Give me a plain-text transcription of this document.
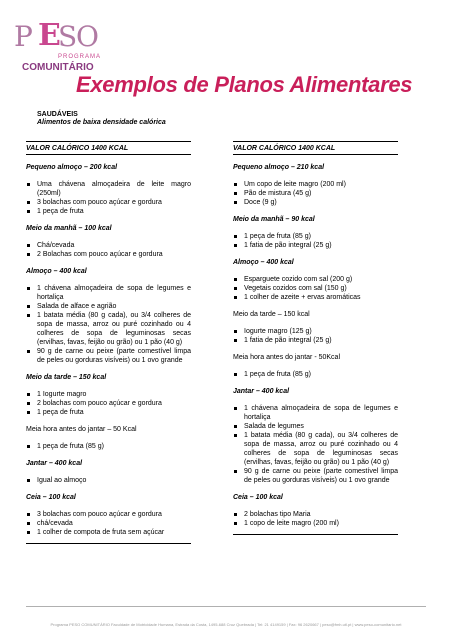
P E
S
O
PROGRAMA
COMUNITÁRIO
Exemplos de Planos Alimentares
SAUDÁVEIS
Alimentos de baixa densidade calórica
VALOR CALÓRICO 1400 KCAL
Pequeno almoço – 200 kcal
Uma chávena almoçadeira de leite magro (250ml)
3 bolachas com pouco açúcar e gordura
1 peça de fruta
Meio da manhã – 100 kcal
Chá/cevada
2 Bolachas com pouco açúcar e gordura
Almoço – 400 kcal
1 chávena almoçadeira de sopa de legumes e hortaliça
Salada de alface e agrião
1 batata média (80 g cada), ou 3/4 colheres de sopa de massa, arroz ou puré cozinhado ou 4 colheres de sopa de leguminosas secas (ervilhas, favas, feijão ou grão) ou 1 pão (40 g)
90 g de carne ou peixe (parte comestível limpa de peles ou gorduras visíveis) ou 1 ovo grande
Meio da tarde – 150 kcal
1 Iogurte magro
2 bolachas com pouco açúcar e gordura
1 peça de fruta
Meia hora antes do jantar – 50 Kcal
1 peça de fruta (85 g)
Jantar – 400 kcal
Igual ao almoço
Ceia – 100 kcal
3 bolachas com pouco açúcar e gordura
chá/cevada
1 colher de compota de fruta sem açúcar
VALOR CALÓRICO 1400 KCAL
Pequeno almoço – 210 kcal
Um copo de leite magro (200 ml)
Pão de mistura (45 g)
Doce (9 g)
Meio da manhã – 90 kcal
1 peça de fruta (85 g)
1 fatia de pão integral (25 g)
Almoço – 400 kcal
Esparguete cozido com sal (200 g)
Vegetais cozidos com sal (150 g)
1 colher de azeite + ervas aromáticas
Meio da tarde – 150 kcal
Iogurte magro (125 g)
1 fatia de pão integral (25 g)
Meia hora antes do jantar - 50Kcal
1 peça de fruta (85 g)
Jantar – 400 kcal
1 chávena almoçadeira de sopa de legumes e hortaliça
Salada de legumes
1 batata média (80 g cada), ou 3/4 colheres de sopa de massa, arroz ou puré cozinhado ou 4 colheres de sopa de leguminosas secas (ervilhas, favas, feijão ou grão) ou 1 pão (40 g)
90 g de carne ou peixe (parte comestível limpa de peles ou gorduras visíveis) ou 1 ovo grande
Ceia – 100 kcal
2 bolachas tipo Maria
1 copo de leite magro (200 ml)
Programa PESO COMUNITÁRIO Faculdade de Motricidade Humana, Estrada da Costa, 1495-688 Cruz Quebrada | Tel: 21 4149159 | Fax: 96 2620667 | peso@fmh.utl.pt | www.peso-comunitario.net
